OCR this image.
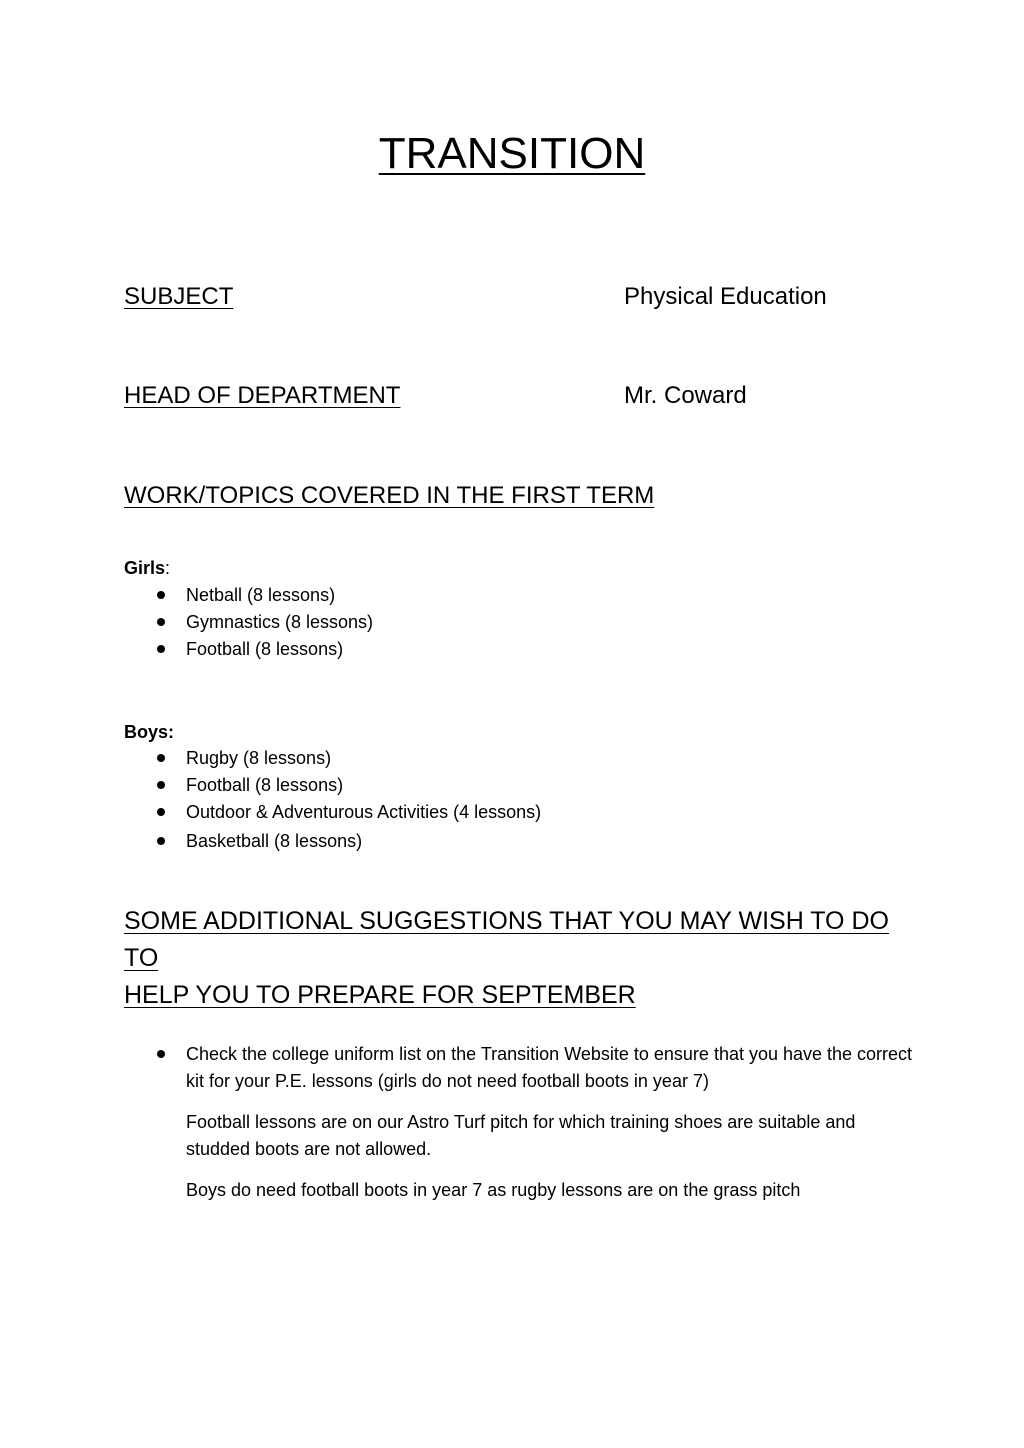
TRANSITION
SUBJECT	Physical Education
HEAD OF DEPARTMENT	Mr. Coward
WORK/TOPICS COVERED IN THE FIRST TERM
Girls:
Netball (8 lessons)
Gymnastics (8 lessons)
Football (8 lessons)
Boys:
Rugby (8 lessons)
Football (8 lessons)
Outdoor & Adventurous Activities (4 lessons)
Basketball (8 lessons)
SOME ADDITIONAL SUGGESTIONS THAT YOU MAY WISH TO DO TO
HELP YOU TO PREPARE FOR SEPTEMBER
Check the college uniform list on the Transition Website to ensure that you have the correct kit for your P.E. lessons (girls do not need football boots in year 7)
Football lessons are on our Astro Turf pitch for which training shoes are suitable and studded boots are not allowed.
Boys do need football boots in year 7 as rugby lessons are on the grass pitch
